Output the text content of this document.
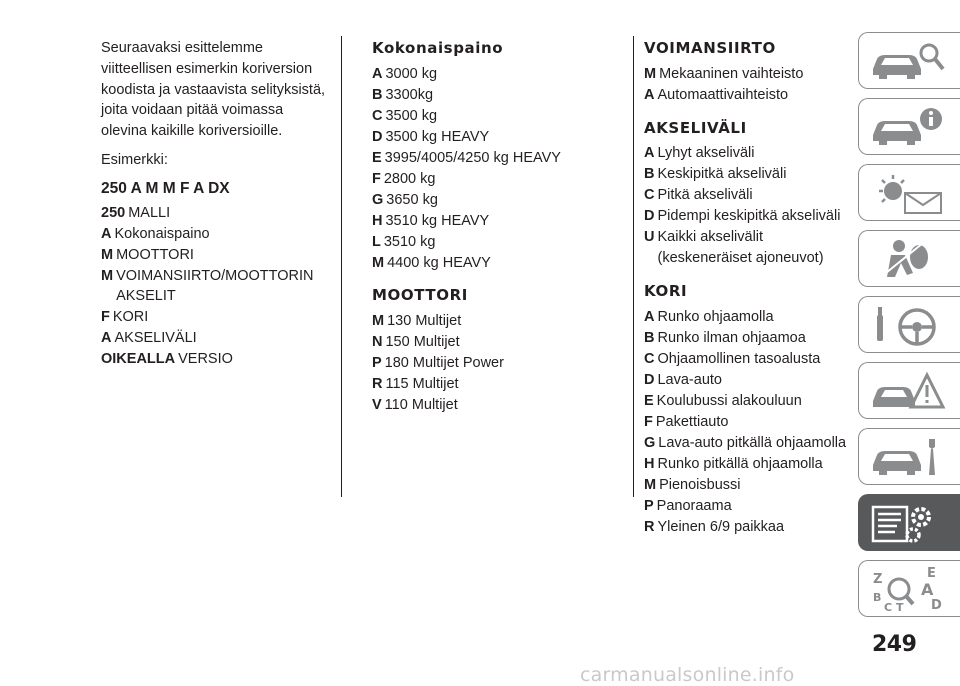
Seuraavaksi esittelemme viitteellisen esimerkin koriversion koodista ja vastaavista selityksistä, joita voidaan pitää voimassa olevina kaikille koriversioille.

Esimerkki:

250 A M M F A DX
250 MALLI
A Kokonaispaino
M MOOTTORI
M VOIMANSIIRTO/MOOTTORIN AKSELIT
F KORI
A AKSELIVÄLI
OIKEALLA VERSIO
Kokonaispaino
A 3000 kg
B 3300kg
C 3500 kg
D 3500 kg HEAVY
E 3995/4005/4250 kg HEAVY
F 2800 kg
G 3650 kg
H 3510 kg HEAVY
L 3510 kg
M 4400 kg HEAVY
MOOTTORI
M 130 Multijet
N 150 Multijet
P 180 Multijet Power
R 115 Multijet
V 110 Multijet
VOIMANSIIRTO
M Mekaaninen vaihteisto
A Automaattivaihteisto
AKSELIVÄLI
A Lyhyt akseliväli
B Keskipitkä akseliväli
C Pitkä akseliväli
D Pidempi keskipitkä akseliväli
U Kaikki akselivälit (keskeneräiset ajoneuvot)
KORI
A Runko ohjaamolla
B Runko ilman ohjaamoa
C Ohjaamollinen tasoalusta
D Lava-auto
E Koulubussi alakouluun
F Pakettiauto
G Lava-auto pitkällä ohjaamolla
H Runko pitkällä ohjaamolla
M Pienoisbussi
P Panoraama
R Yleinen 6/9 paikkaa
Z	E
A
B
C T D
249
carmanualsonline.info
